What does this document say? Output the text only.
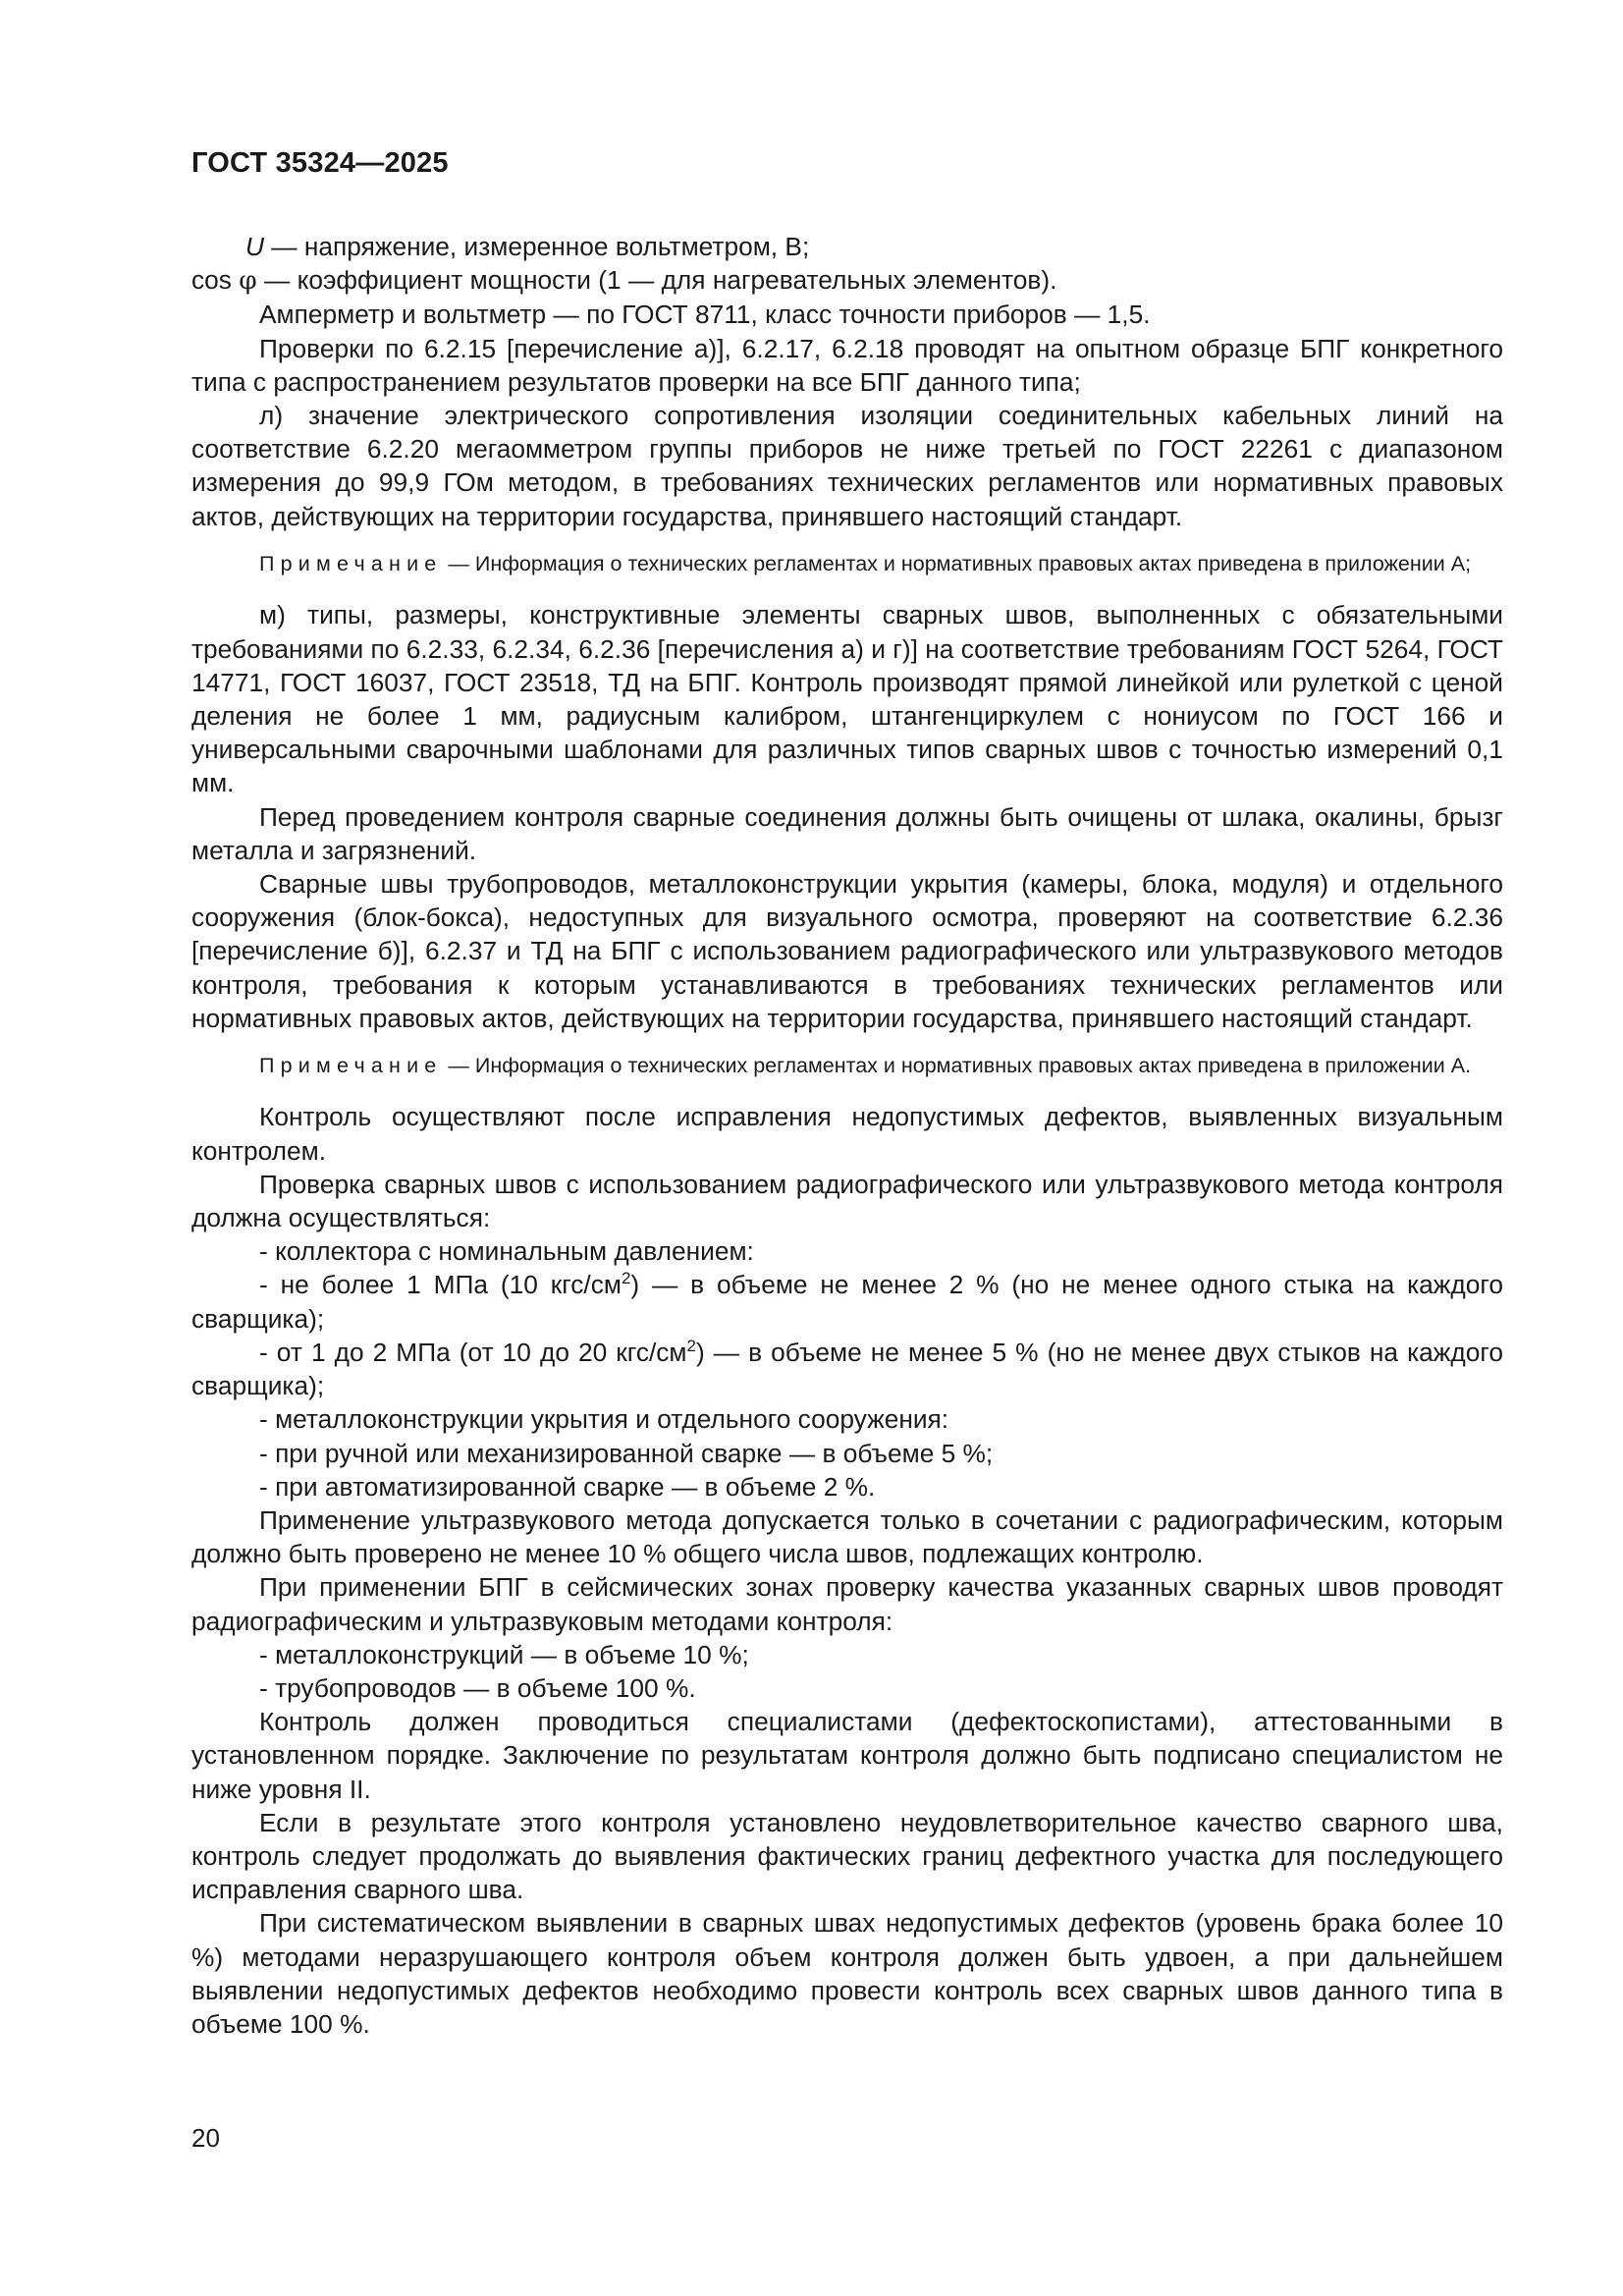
ГОСТ 35324—2025

U — напряжение, измеренное вольтметром, В;

cos φ — коэффициент мощности (1 — для нагревательных элементов).

Амперметр и вольтметр — по ГОСТ 8711, класс точности приборов — 1,5.

Проверки по 6.2.15 [перечисление а)], 6.2.17, 6.2.18 проводят на опытном образце БПГ конкретного типа с распространением результатов проверки на все БПГ данного типа;

л) значение электрического сопротивления изоляции соединительных кабельных линий на соответствие 6.2.20 мегаомметром группы приборов не ниже третьей по ГОСТ 22261 с диапазоном измерения до 99,9 ГОм методом, в требованиях технических регламентов или нормативных правовых актов, действующих на территории государства, принявшего настоящий стандарт.

Примечание — Информация о технических регламентах и нормативных правовых актах приведена в приложении А;

м) типы, размеры, конструктивные элементы сварных швов, выполненных с обязательными требованиями по 6.2.33, 6.2.34, 6.2.36 [перечисления а) и г)] на соответствие требованиям ГОСТ 5264, ГОСТ 14771, ГОСТ 16037, ГОСТ 23518, ТД на БПГ. Контроль производят прямой линейкой или рулеткой с ценой деления не более 1 мм, радиусным калибром, штангенциркулем с нониусом по ГОСТ 166 и универсальными сварочными шаблонами для различных типов сварных швов с точностью измерений 0,1 мм.

Перед проведением контроля сварные соединения должны быть очищены от шлака, окалины, брызг металла и загрязнений.

Сварные швы трубопроводов, металлоконструкции укрытия (камеры, блока, модуля) и отдельного сооружения (блок-бокса), недоступных для визуального осмотра, проверяют на соответствие 6.2.36 [перечисление б)], 6.2.37 и ТД на БПГ с использованием радиографического или ультразвукового методов контроля, требования к которым устанавливаются в требованиях технических регламентов или нормативных правовых актов, действующих на территории государства, принявшего настоящий стандарт.

Примечание — Информация о технических регламентах и нормативных правовых актах приведена в приложении А.

Контроль осуществляют после исправления недопустимых дефектов, выявленных визуальным контролем.

Проверка сварных швов с использованием радиографического или ультразвукового метода контроля должна осуществляться:

- коллектора с номинальным давлением:

- не более 1 МПа (10 кгс/$см^2$) — в объеме не менее 2 % (но не менее одного стыка на каждого сварщика);

- от 1 до 2 МПа (от 10 до 20 кгс/$см^2$) — в объеме не менее 5 % (но не менее двух стыков на каждого сварщика);

- металлоконструкции укрытия и отдельного сооружения:

- при ручной или механизированной сварке — в объеме 5 %;

- при автоматизированной сварке — в объеме 2 %.

Применение ультразвукового метода допускается только в сочетании с радиографическим, которым должно быть проверено не менее 10 % общего числа швов, подлежащих контролю.

При применении БПГ в сейсмических зонах проверку качества указанных сварных швов проводят радиографическим и ультразвуковым методами контроля:

- металлоконструкций — в объеме 10 %;

- трубопроводов — в объеме 100 %.

Контроль должен проводиться специалистами (дефектоскопистами), аттестованными в установленном порядке. Заключение по результатам контроля должно быть подписано специалистом не ниже уровня II.

Если в результате этого контроля установлено неудовлетворительное качество сварного шва, контроль следует продолжать до выявления фактических границ дефектного участка для последующего исправления сварного шва.

При систематическом выявлении в сварных швах недопустимых дефектов (уровень брака более 10 %) методами неразрушающего контроля объем контроля должен быть удвоен, а при дальнейшем выявлении недопустимых дефектов необходимо провести контроль всех сварных швов данного типа в объеме 100 %.

20
